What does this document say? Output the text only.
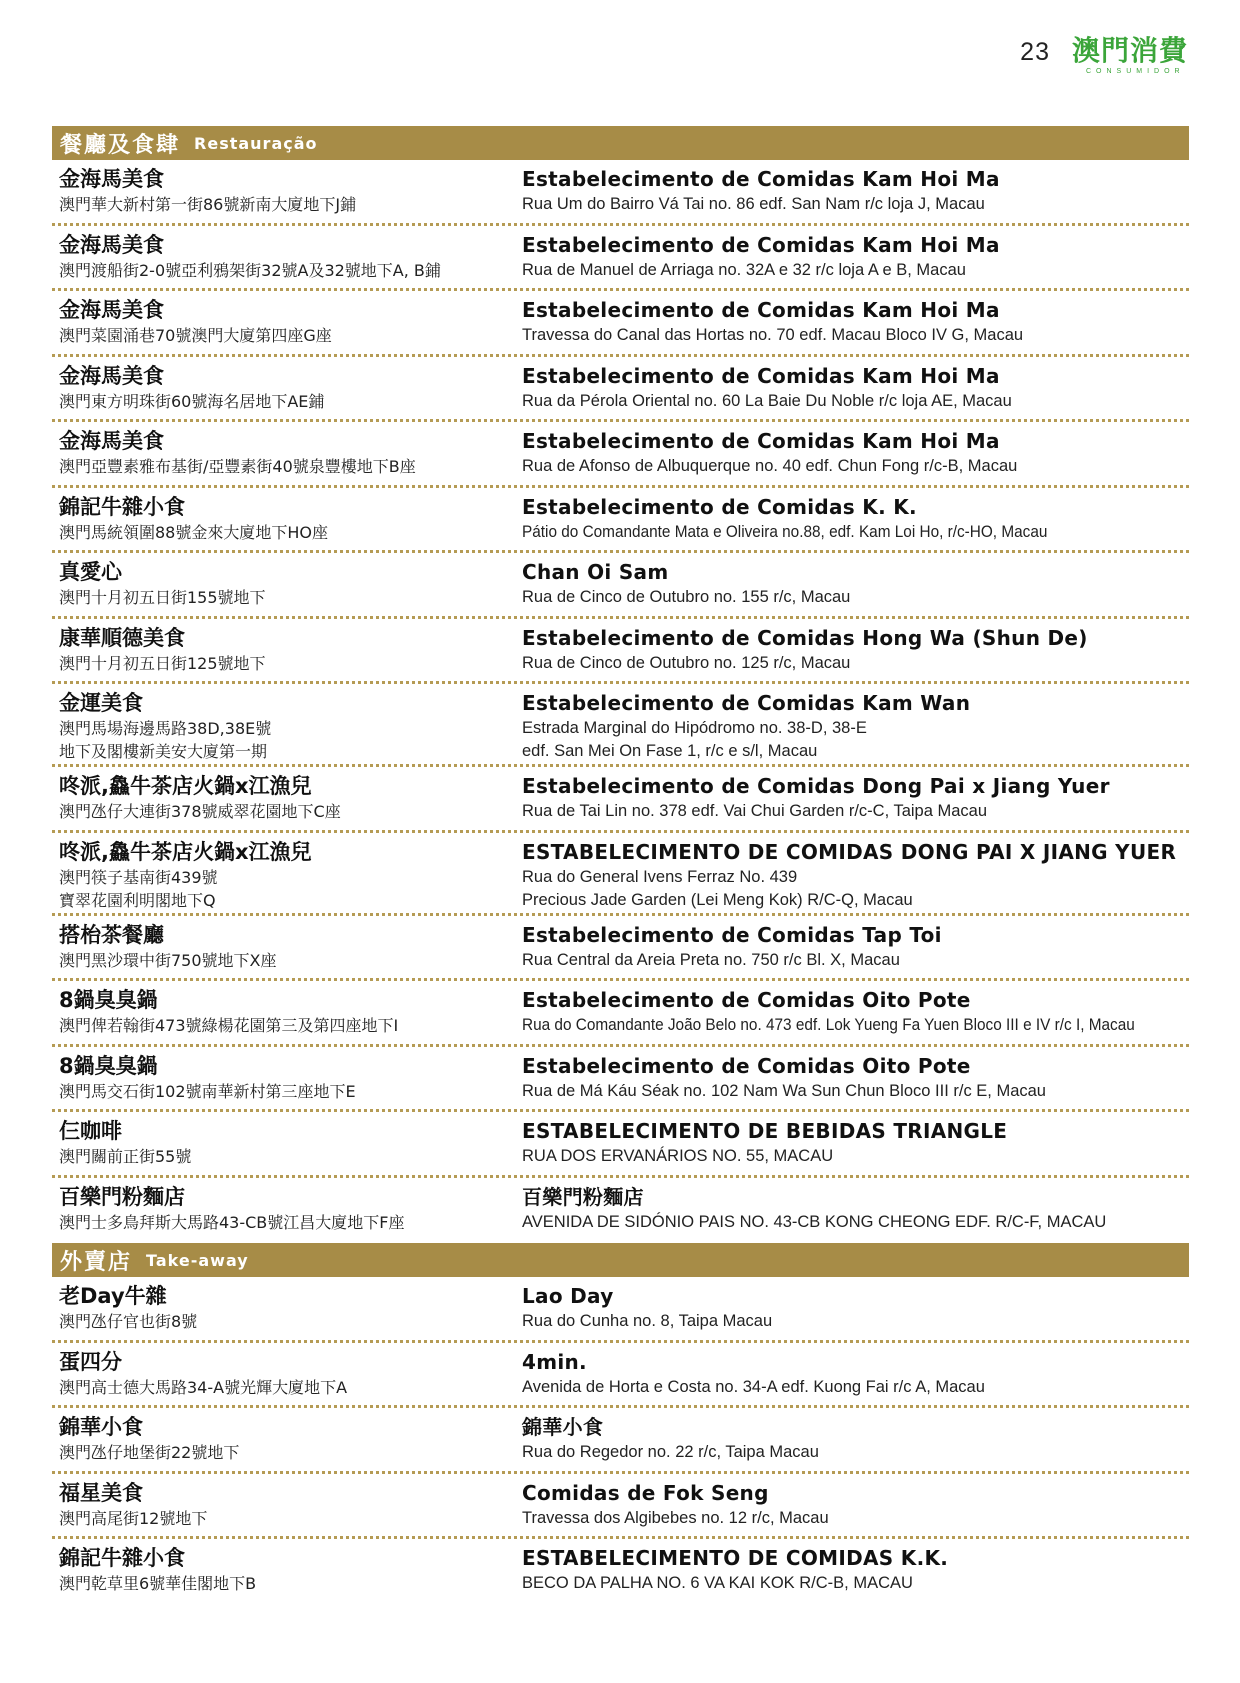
23 澳門消費
CONSUMIDOR
餐廳及食肆 Restauração
金海馬美食
澳門華大新村第一街86號新南大廈地下J鋪
Estabelecimento de Comidas Kam Hoi Ma
Rua Um do Bairro Vá Tai no. 86 edf. San Nam r/c loja J, Macau
金海馬美食
澳門渡船街2-0號亞利鴉架街32號A及32號地下A, B鋪
Estabelecimento de Comidas Kam Hoi Ma
Rua de Manuel de Arriaga no. 32A e 32 r/c loja A e B, Macau
金海馬美食
澳門菜園涌巷70號澳門大廈第四座G座
Estabelecimento de Comidas Kam Hoi Ma
Travessa do Canal das Hortas no. 70 edf. Macau Bloco IV G, Macau
金海馬美食
澳門東方明珠街60號海名居地下AE鋪
Estabelecimento de Comidas Kam Hoi Ma
Rua da Pérola Oriental no. 60 La Baie Du Noble r/c loja AE, Macau
金海馬美食
澳門亞豐素雅布基街/亞豐素街40號泉豐樓地下B座
Estabelecimento de Comidas Kam Hoi Ma
Rua de Afonso de Albuquerque no. 40 edf. Chun Fong r/c-B, Macau
錦記牛雜小食
澳門馬統領圍88號金來大廈地下HO座
Estabelecimento de Comidas K. K.
Pátio do Comandante Mata e Oliveira no.88, edf. Kam Loi Ho, r/c-HO, Macau
真愛心
澳門十月初五日街155號地下
Chan Oi Sam
Rua de Cinco de Outubro no. 155 r/c, Macau
康華順德美食
澳門十月初五日街125號地下
Estabelecimento de Comidas Hong Wa (Shun De)
Rua de Cinco de Outubro no. 125 r/c, Macau
金運美食
澳門馬場海邊馬路38D,38E號
地下及閣樓新美安大廈第一期
Estabelecimento de Comidas Kam Wan
Estrada Marginal do Hipódromo no. 38-D, 38-E
edf. San Mei On Fase 1, r/c e s/l, Macau
咚派,鱻牛茶店火鍋x江漁兒
澳門氹仔大連街378號威翠花園地下C座
Estabelecimento de Comidas Dong Pai x Jiang Yuer
Rua de Tai Lin no. 378 edf. Vai Chui Garden r/c-C, Taipa Macau
咚派,鱻牛茶店火鍋x江漁兒
澳門筷子基南街439號
寶翠花園利明閣地下Q
ESTABELECIMENTO DE COMIDAS DONG PAI X JIANG YUER
Rua do General Ivens Ferraz No. 439
Precious Jade Garden (Lei Meng Kok) R/C-Q, Macau
搭枱茶餐廳
澳門黑沙環中街750號地下X座
Estabelecimento de Comidas Tap Toi
Rua Central da Areia Preta no. 750 r/c Bl. X, Macau
8鍋臭臭鍋
澳門俾若翰街473號綠楊花園第三及第四座地下I
Estabelecimento de Comidas Oito Pote
Rua do Comandante João Belo no. 473 edf. Lok Yueng Fa Yuen Bloco III e IV r/c I, Macau
8鍋臭臭鍋
澳門馬交石街102號南華新村第三座地下E
Estabelecimento de Comidas Oito Pote
Rua de Má Káu Séak no. 102 Nam Wa Sun Chun Bloco III r/c E, Macau
仨咖啡
澳門關前正街55號
ESTABELECIMENTO DE BEBIDAS TRIANGLE
RUA DOS ERVANÁRIOS NO. 55, MACAU
百樂門粉麵店
澳門士多鳥拜斯大馬路43-CB號江昌大廈地下F座
百樂門粉麵店
AVENIDA DE SIDÓNIO PAIS NO. 43-CB KONG CHEONG EDF. R/C-F, MACAU
外賣店 Take-away
老Day牛雜
澳門氹仔官也街8號
Lao Day
Rua do Cunha no. 8, Taipa Macau
蛋四分
澳門高士德大馬路34-A號光輝大廈地下A
4min.
Avenida de Horta e Costa no. 34-A edf. Kuong Fai r/c A, Macau
錦華小食
澳門氹仔地堡街22號地下
錦華小食
Rua do Regedor no. 22 r/c, Taipa Macau
福星美食
澳門高尾街12號地下
Comidas de Fok Seng
Travessa dos Algibebes no. 12 r/c, Macau
錦記牛雜小食
澳門乾草里6號華佳閣地下B
ESTABELECIMENTO DE COMIDAS K.K.
BECO DA PALHA NO. 6 VA KAI KOK R/C-B, MACAU
